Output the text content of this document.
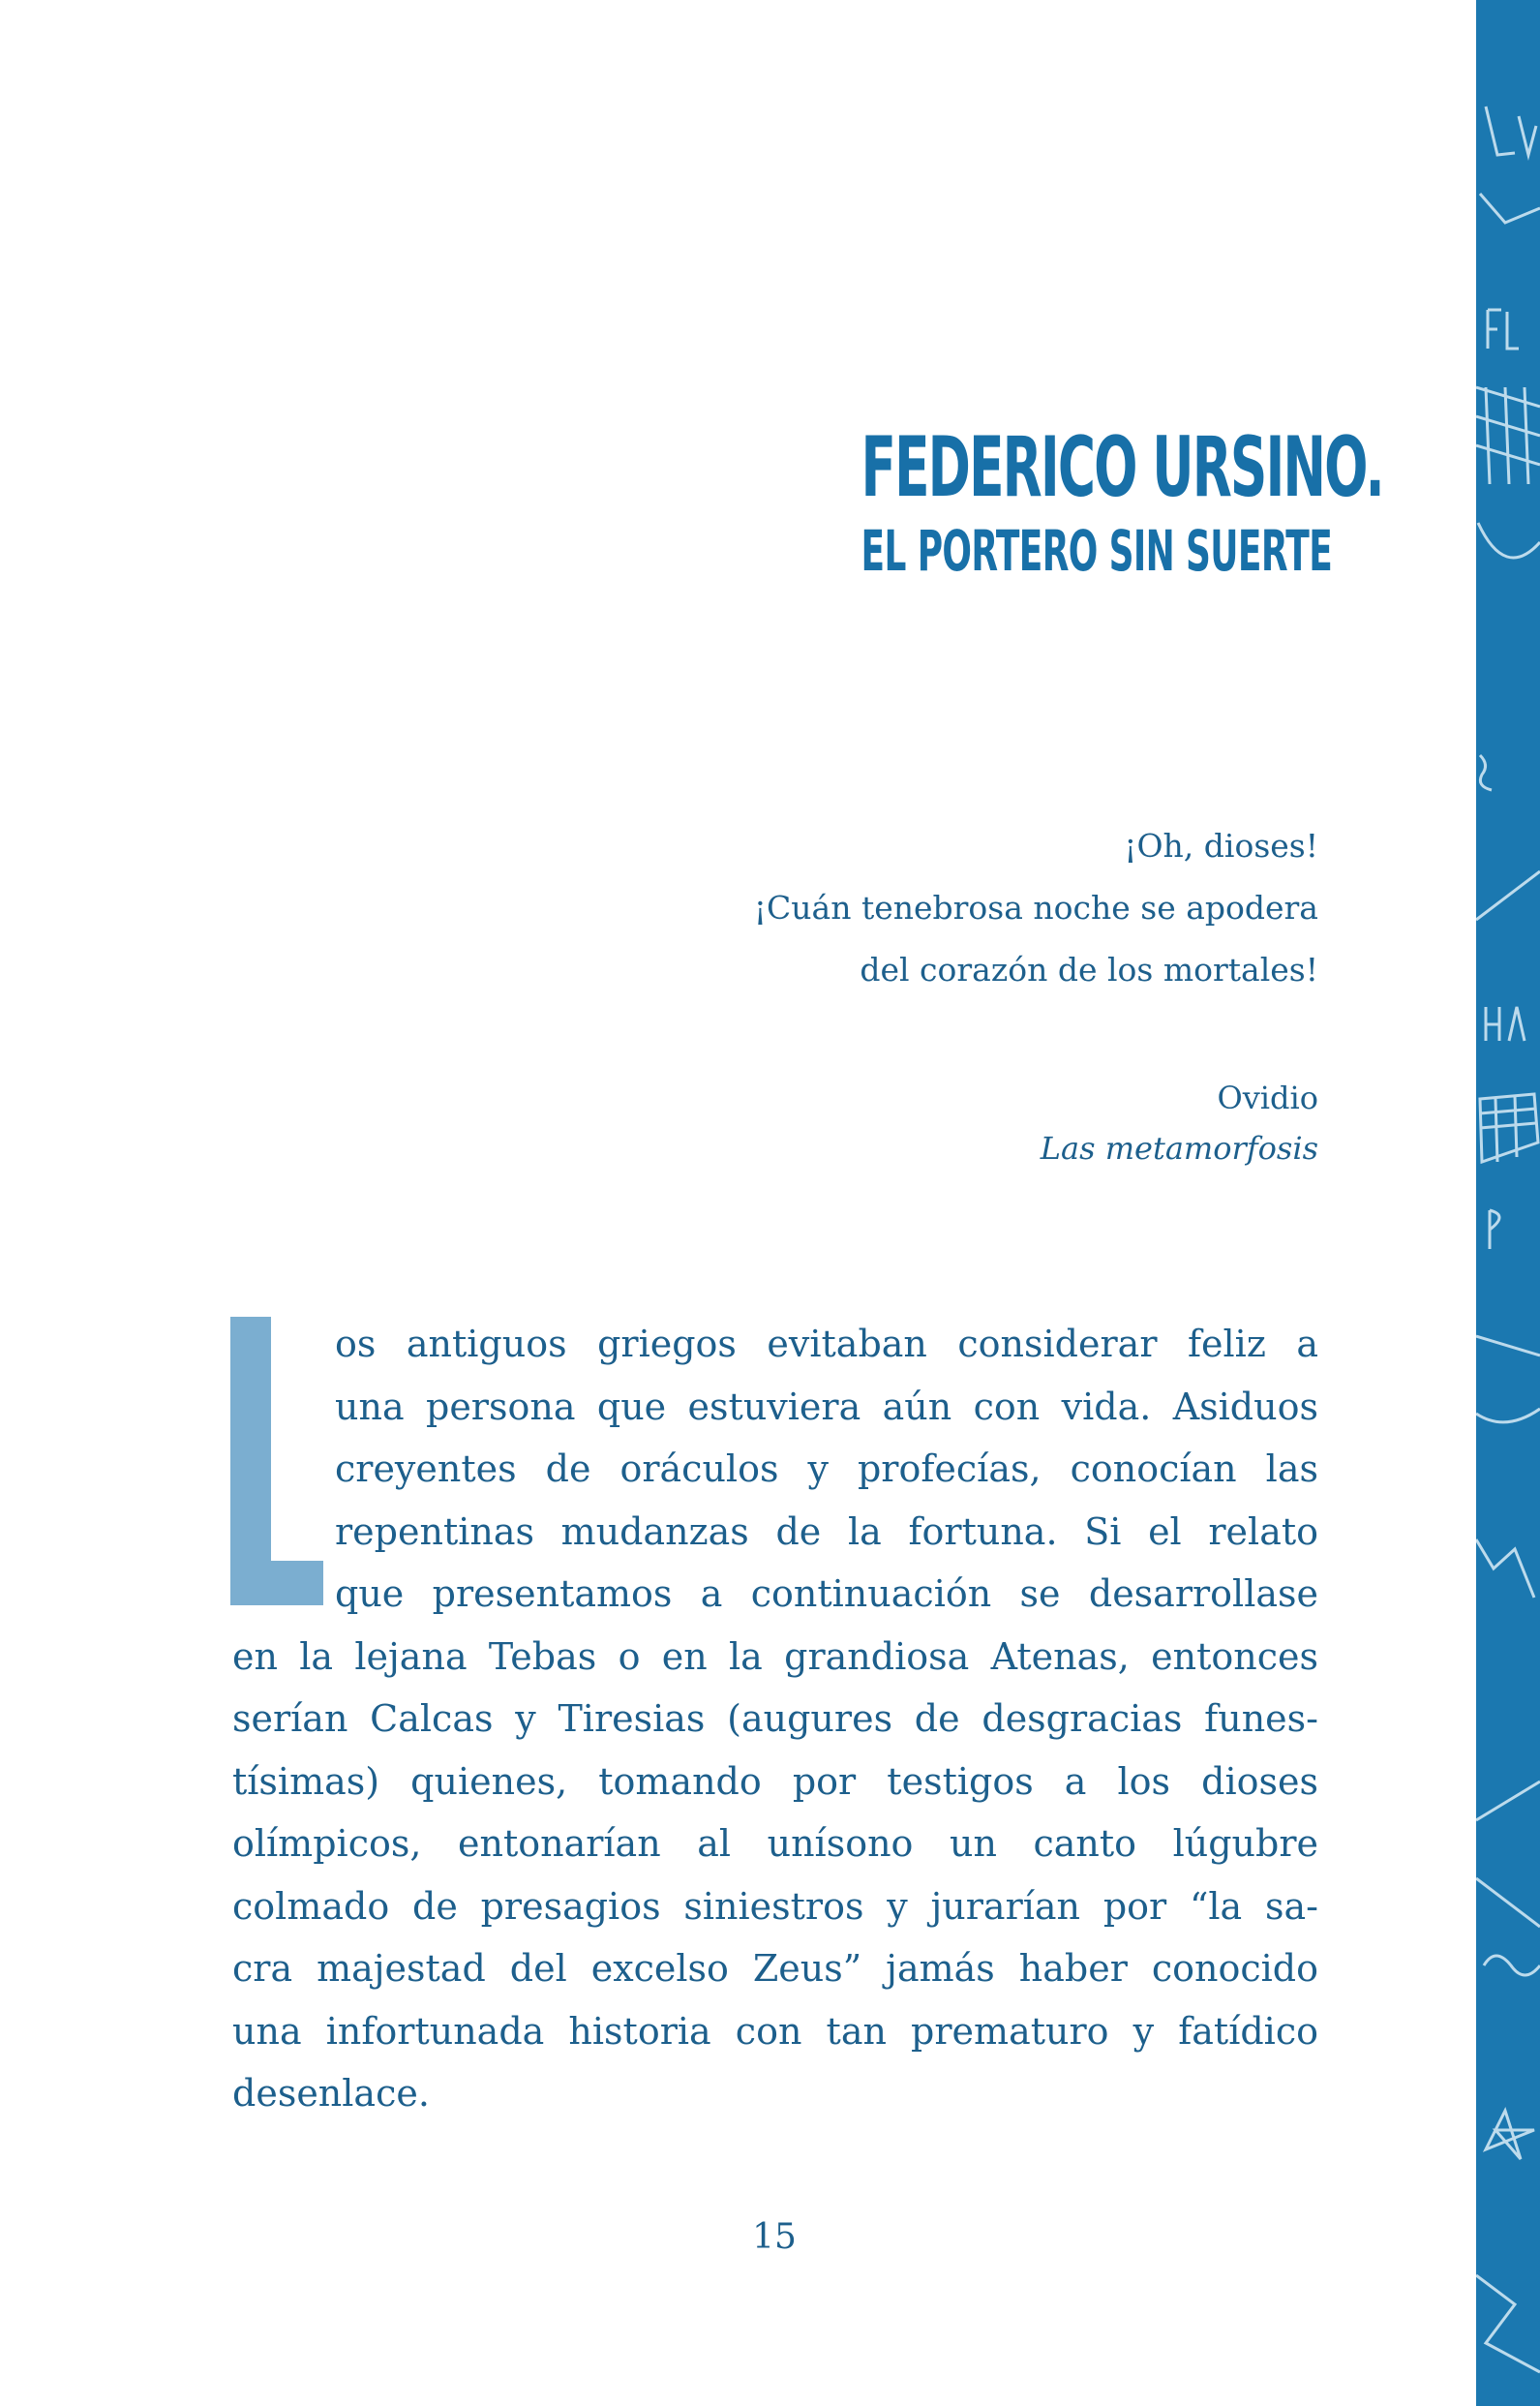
FEDERICO URSINO.
EL PORTERO SIN SUERTE
¡Oh, dioses!
¡Cuán tenebrosa noche se apodera
del corazón de los mortales!
Ovidio
Las metamorfosis
os antiguos griegos evitaban considerar feliz a
una persona que estuviera aún con vida. Asiduos
creyentes de oráculos y profecías, conocían las
repentinas mudanzas de la fortuna. Si el relato
que presentamos a continuación se desarrollase
en la lejana Tebas o en la grandiosa Atenas, entonces
serían Calcas y Tiresias (augures de desgracias funes-
tísimas) quienes, tomando por testigos a los dioses
olímpicos, entonarían al unísono un canto lúgubre
colmado de presagios siniestros y jurarían por “la sa-
cra majestad del excelso Zeus” jamás haber conocido
una infortunada historia con tan prematuro y fatídico
desenlace.
15
